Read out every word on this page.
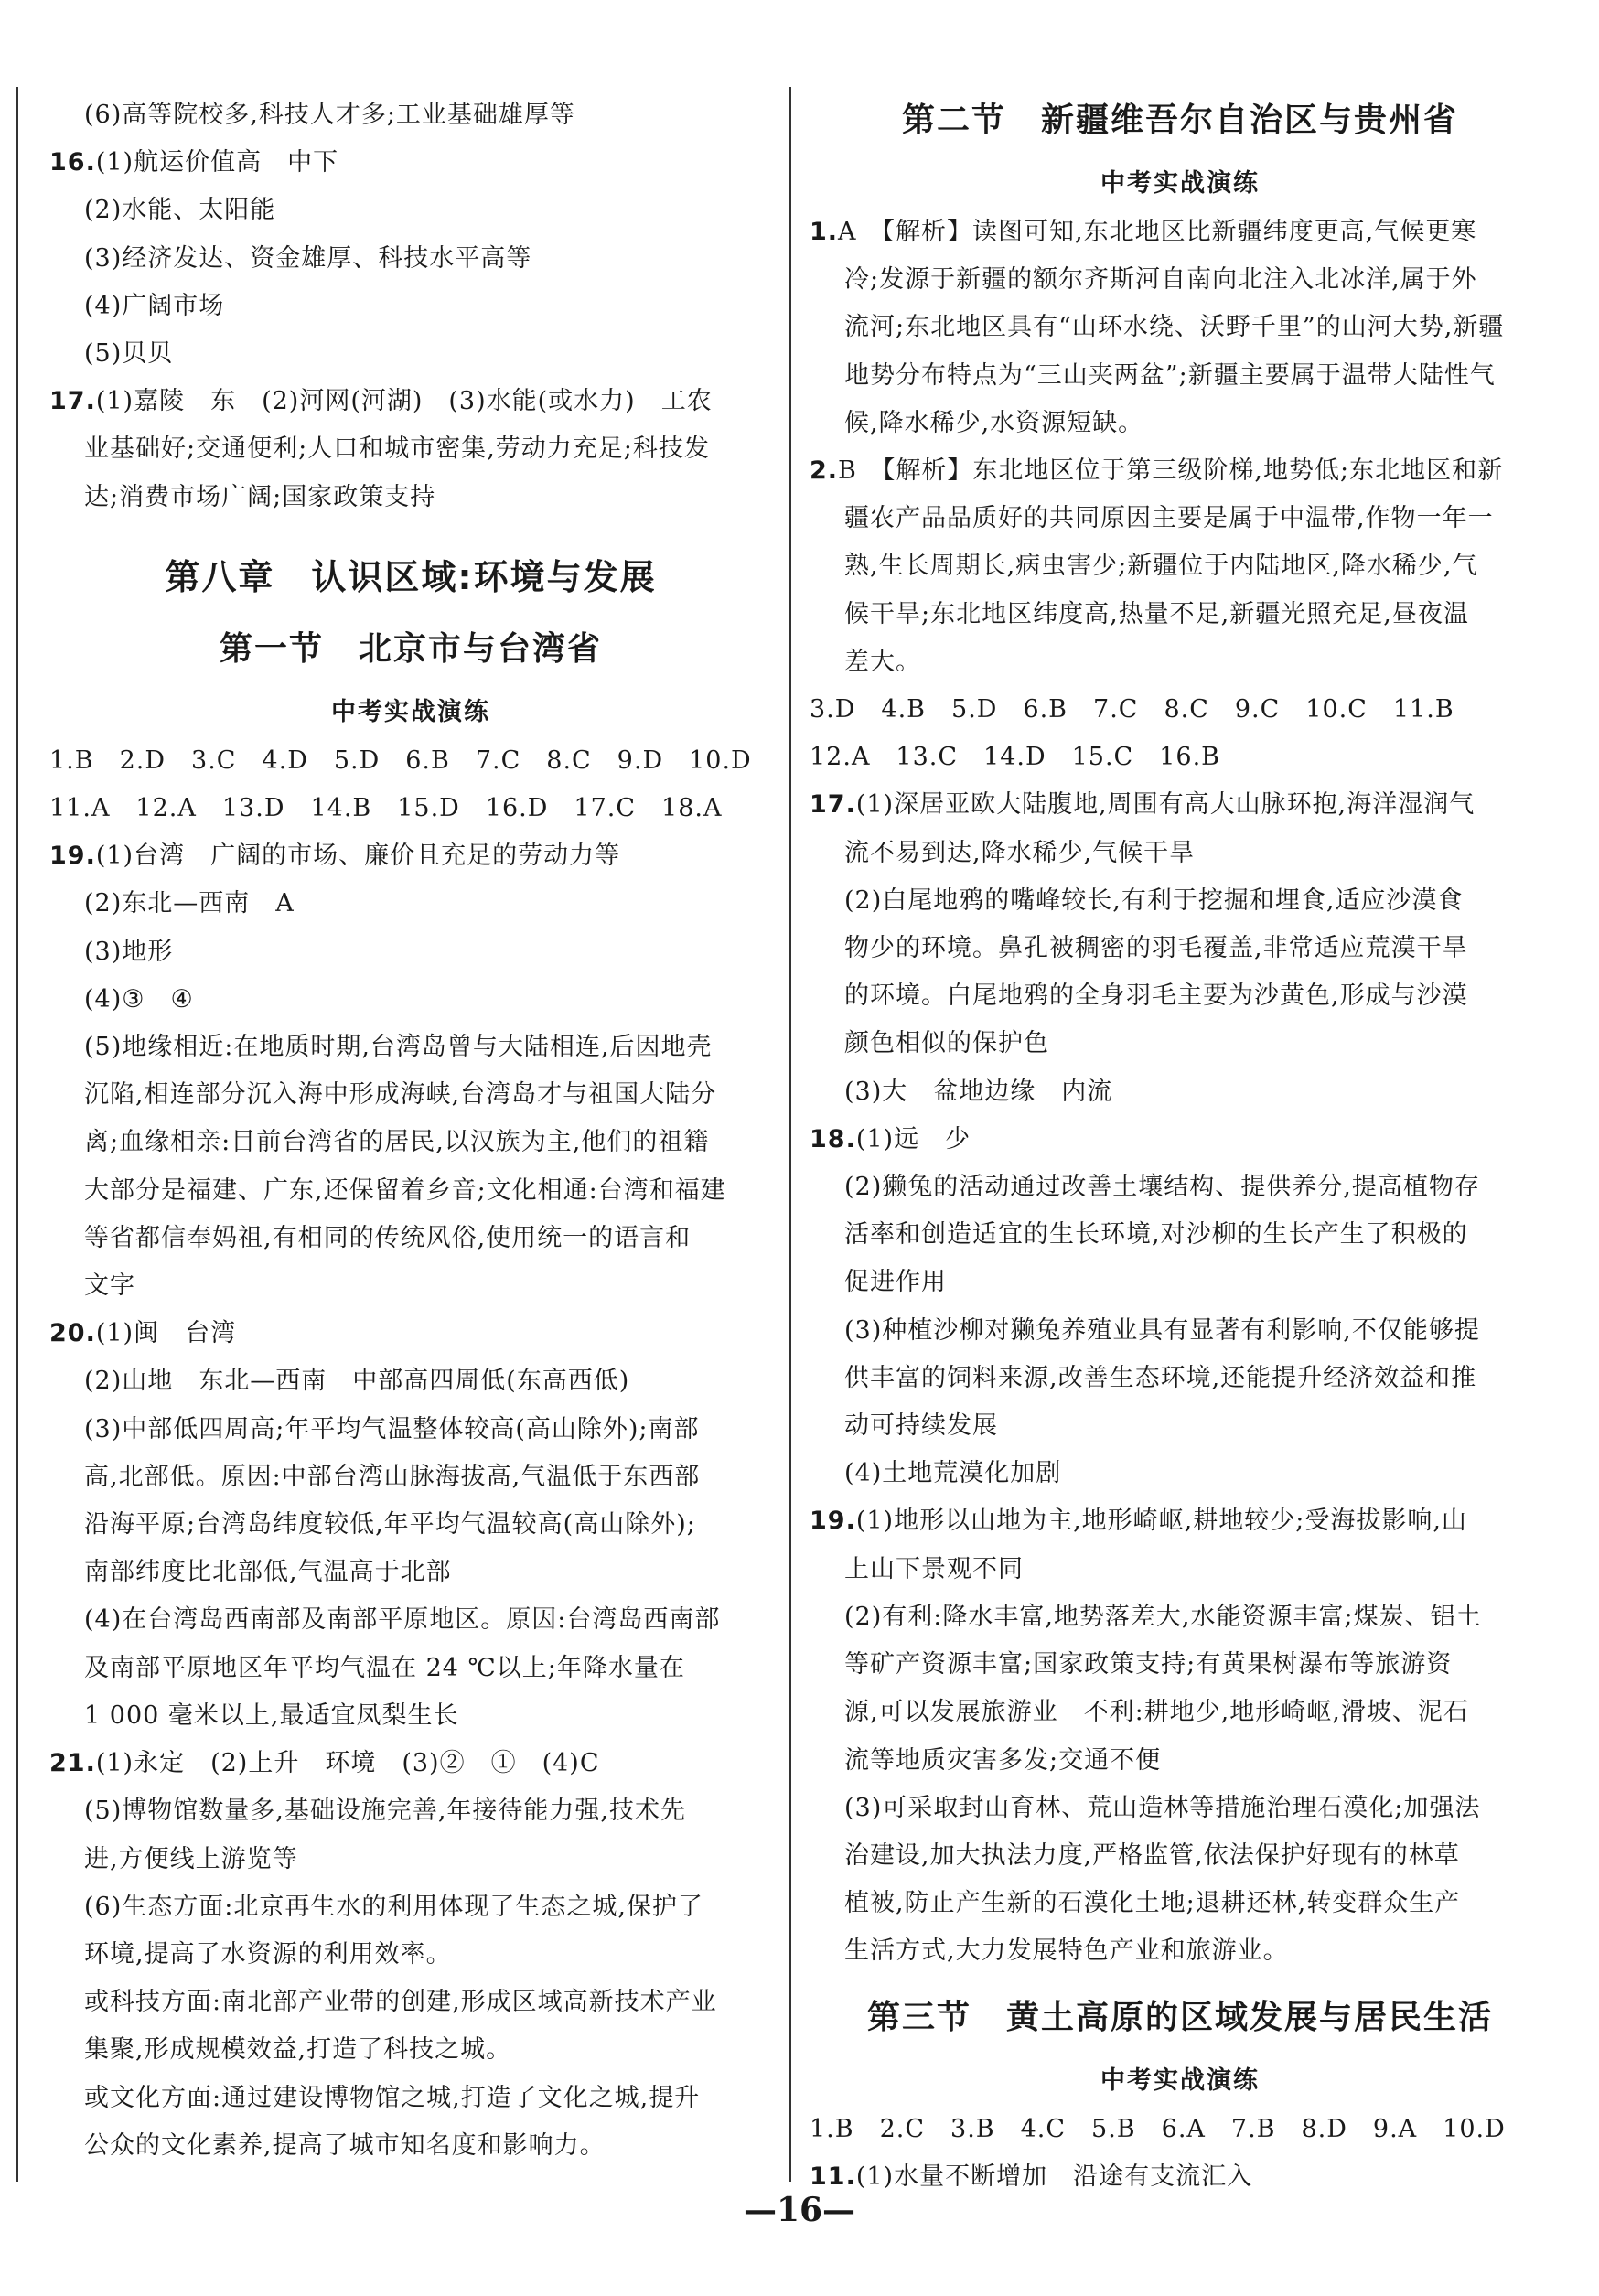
(6)高等院校多,科技人才多;工业基础雄厚等
16.(1)航运价值高　中下
(2)水能、太阳能
(3)经济发达、资金雄厚、科技水平高等
(4)广阔市场
(5)贝贝
17.(1)嘉陵　东　(2)河网(河湖)　(3)水能(或水力)　工农
业基础好;交通便利;人口和城市密集,劳动力充足;科技发
达;消费市场广阔;国家政策支持
第八章　认识区域:环境与发展
第一节　北京市与台湾省
中考实战演练
1.B　2.D　3.C　4.D　5.D　6.B　7.C　8.C　9.D　10.D
11.A　12.A　13.D　14.B　15.D　16.D　17.C　18.A
19.(1)台湾　广阔的市场、廉价且充足的劳动力等
(2)东北—西南　A
(3)地形
(4)③　④
(5)地缘相近:在地质时期,台湾岛曾与大陆相连,后因地壳
沉陷,相连部分沉入海中形成海峡,台湾岛才与祖国大陆分
离;血缘相亲:目前台湾省的居民,以汉族为主,他们的祖籍
大部分是福建、广东,还保留着乡音;文化相通:台湾和福建
等省都信奉妈祖,有相同的传统风俗,使用统一的语言和
文字
20.(1)闽　台湾
(2)山地　东北—西南　中部高四周低(东高西低)
(3)中部低四周高;年平均气温整体较高(高山除外);南部
高,北部低。原因:中部台湾山脉海拔高,气温低于东西部
沿海平原;台湾岛纬度较低,年平均气温较高(高山除外);
南部纬度比北部低,气温高于北部
(4)在台湾岛西南部及南部平原地区。原因:台湾岛西南部
及南部平原地区年平均气温在 24 ℃以上;年降水量在
1 000 毫米以上,最适宜凤梨生长
21.(1)永定　(2)上升　环境　(3)②　①　(4)C
(5)博物馆数量多,基础设施完善,年接待能力强,技术先
进,方便线上游览等
(6)生态方面:北京再生水的利用体现了生态之城,保护了
环境,提高了水资源的利用效率。
或科技方面:南北部产业带的创建,形成区域高新技术产业
集聚,形成规模效益,打造了科技之城。
或文化方面:通过建设博物馆之城,打造了文化之城,提升
公众的文化素养,提高了城市知名度和影响力。
第二节　新疆维吾尔自治区与贵州省
中考实战演练
1.A　【解析】读图可知,东北地区比新疆纬度更高,气候更寒
冷;发源于新疆的额尔齐斯河自南向北注入北冰洋,属于外
流河;东北地区具有“山环水绕、沃野千里”的山河大势,新疆
地势分布特点为“三山夹两盆”;新疆主要属于温带大陆性气
候,降水稀少,水资源短缺。
2.B　【解析】东北地区位于第三级阶梯,地势低;东北地区和新
疆农产品品质好的共同原因主要是属于中温带,作物一年一
熟,生长周期长,病虫害少;新疆位于内陆地区,降水稀少,气
候干旱;东北地区纬度高,热量不足,新疆光照充足,昼夜温
差大。
3.D　4.B　5.D　6.B　7.C　8.C　9.C　10.C　11.B
12.A　13.C　14.D　15.C　16.B
17.(1)深居亚欧大陆腹地,周围有高大山脉环抱,海洋湿润气
流不易到达,降水稀少,气候干旱
(2)白尾地鸦的嘴峰较长,有利于挖掘和埋食,适应沙漠食
物少的环境。鼻孔被稠密的羽毛覆盖,非常适应荒漠干旱
的环境。白尾地鸦的全身羽毛主要为沙黄色,形成与沙漠
颜色相似的保护色
(3)大　盆地边缘　内流
18.(1)远　少
(2)獭兔的活动通过改善土壤结构、提供养分,提高植物存
活率和创造适宜的生长环境,对沙柳的生长产生了积极的
促进作用
(3)种植沙柳对獭兔养殖业具有显著有利影响,不仅能够提
供丰富的饲料来源,改善生态环境,还能提升经济效益和推
动可持续发展
(4)土地荒漠化加剧
19.(1)地形以山地为主,地形崎岖,耕地较少;受海拔影响,山
上山下景观不同
(2)有利:降水丰富,地势落差大,水能资源丰富;煤炭、铝土
等矿产资源丰富;国家政策支持;有黄果树瀑布等旅游资
源,可以发展旅游业　不利:耕地少,地形崎岖,滑坡、泥石
流等地质灾害多发;交通不便
(3)可采取封山育林、荒山造林等措施治理石漠化;加强法
治建设,加大执法力度,严格监管,依法保护好现有的林草
植被,防止产生新的石漠化土地;退耕还林,转变群众生产
生活方式,大力发展特色产业和旅游业。
第三节　黄土高原的区域发展与居民生活
中考实战演练
1.B　2.C　3.B　4.C　5.B　6.A　7.B　8.D　9.A　10.D
11.(1)水量不断增加　沿途有支流汇入
—16—
